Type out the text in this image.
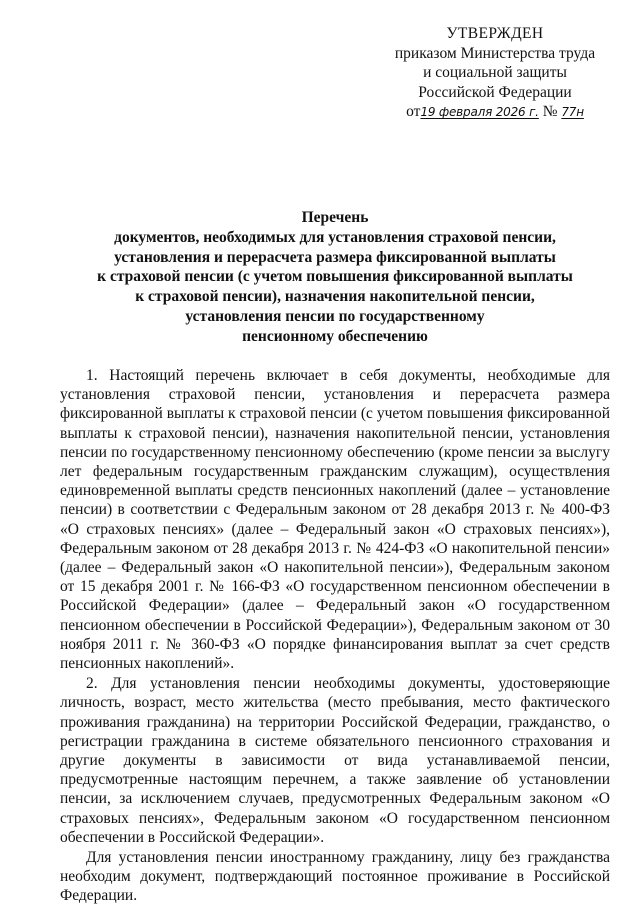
УТВЕРЖДЕН
приказом Министерства труда
и социальной защиты
Российской Федерации
от19 февраля 2026 г. № 77н
Перечень
документов, необходимых для установления страховой пенсии,
установления и перерасчета размера фиксированной выплаты
к страховой пенсии (с учетом повышения фиксированной выплаты
к страховой пенсии), назначения накопительной пенсии,
установления пенсии по государственному
пенсионному обеспечению

1. Настоящий перечень включает в себя документы, необходимые для установления страховой пенсии, установления и перерасчета размера фиксированной выплаты к страховой пенсии (с учетом повышения фиксированной выплаты к страховой пенсии), назначения накопительной пенсии, установления пенсии по государственному пенсионному обеспечению (кроме пенсии за выслугу лет федеральным государственным гражданским служащим), осуществления единовременной выплаты средств пенсионных накоплений (далее – установление пенсии) в соответствии с Федеральным законом от 28 декабря 2013 г. № 400-ФЗ «О страховых пенсиях» (далее – Федеральный закон «О страховых пенсиях»), Федеральным законом от 28 декабря 2013 г. № 424-ФЗ «О накопительной пенсии» (далее – Федеральный закон «О накопительной пенсии»), Федеральным законом от 15 декабря 2001 г. № 166-ФЗ «О государственном пенсионном обеспечении в Российской Федерации» (далее – Федеральный закон «О государственном пенсионном обеспечении в Российской Федерации»), Федеральным законом от 30 ноября 2011 г. № 360-ФЗ «О порядке финансирования выплат за счет средств пенсионных накоплений».

2. Для установления пенсии необходимы документы, удостоверяющие личность, возраст, место жительства (место пребывания, место фактического проживания гражданина) на территории Российской Федерации, гражданство, о регистрации гражданина в системе обязательного пенсионного страхования и другие документы в зависимости от вида устанавливаемой пенсии, предусмотренные настоящим перечнем, а также заявление об установлении пенсии, за исключением случаев, предусмотренных Федеральным законом «О страховых пенсиях», Федеральным законом «О государственном пенсионном обеспечении в Российской Федерации».

Для установления пенсии иностранному гражданину, лицу без гражданства необходим документ, подтверждающий постоянное проживание в Российской Федерации.
